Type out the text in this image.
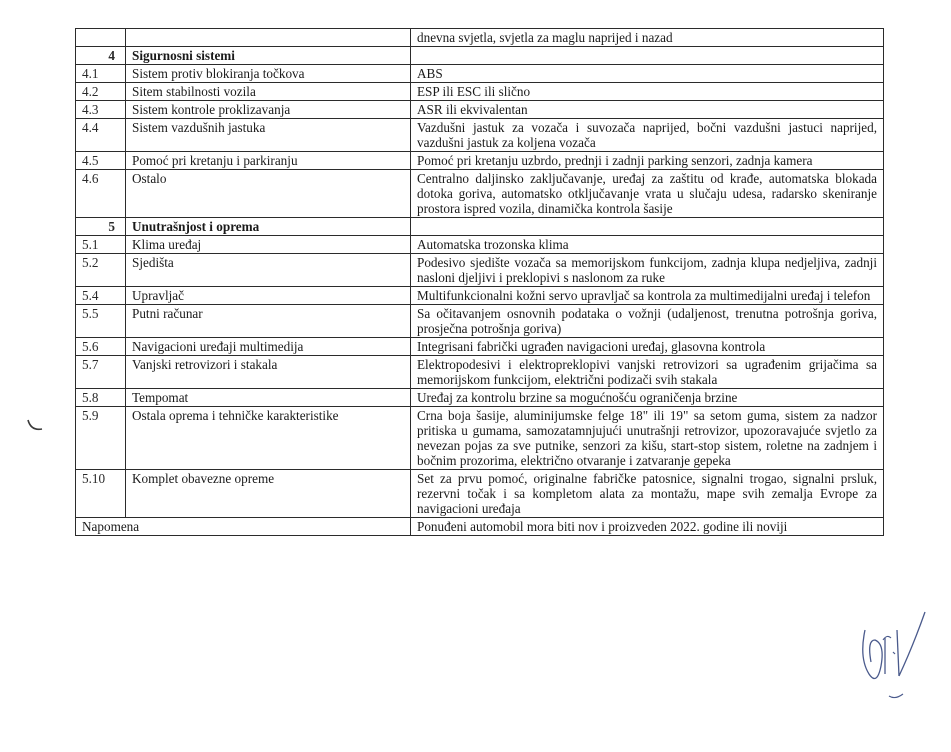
		dnevna svjetla, svjetla za maglu naprijed i nazad
4	Sigurnosni sistemi	
4.1	Sistem protiv blokiranja točkova	ABS
4.2	Sitem stabilnosti vozila	ESP ili ESC ili slično
4.3	Sistem kontrole proklizavanja	ASR ili ekvivalentan
4.4	Sistem vazdušnih jastuka	Vazdušni jastuk za vozača i suvozača naprijed, bočni vazdušni jastuci naprijed, vazdušni jastuk za koljena vozača
4.5	Pomoć pri kretanju i parkiranju	Pomoć pri kretanju uzbrdo, prednji i zadnji parking senzori, zadnja kamera
4.6	Ostalo	Centralno daljinsko zaključavanje, uređaj za zaštitu od krađe, automatska blokada dotoka goriva, automatsko otključavanje vrata u slučaju udesa, radarsko skeniranje prostora ispred vozila, dinamička kontrola šasije
5	Unutrašnjost i oprema	
5.1	Klima uređaj	Automatska trozonska klima
5.2	Sjedišta	Podesivo sjedište vozača sa memorijskom funkcijom, zadnja klupa nedjeljiva, zadnji nasloni djeljivi i preklopivi s naslonom za ruke
5.4	Upravljač	Multifunkcionalni kožni servo upravljač sa kontrola za multimedijalni uređaj i telefon
5.5	Putni računar	Sa očitavanjem osnovnih podataka o vožnji (udaljenost, trenutna potrošnja goriva, prosječna potrošnja goriva)
5.6	Navigacioni uređaji multimedija	Integrisani fabrički ugrađen navigacioni uređaj, glasovna kontrola
5.7	Vanjski retrovizori i stakala	Elektropodesivi i elektropreklopivi vanjski retrovizori sa ugrađenim grijačima sa memorijskom funkcijom, električni podizači svih stakala
5.8	Tempomat	Uređaj za kontrolu brzine sa mogućnošću ograničenja brzine
5.9	Ostala oprema i tehničke karakteristike	Crna boja šasije, aluminijumske felge 18" ili 19" sa setom guma, sistem za nadzor pritiska u gumama, samozatamnjujući unutrašnji retrovizor, upozoravajuće svjetlo za nevezan pojas za sve putnike, senzori za kišu, start-stop sistem, roletne na zadnjem i bočnim prozorima, električno otvaranje i zatvaranje gepeka
5.10	Komplet obavezne opreme	Set za prvu pomoć, originalne fabričke patosnice, signalni trogao, signalni prsluk, rezervni točak i sa kompletom alata za montažu, mape svih zemalja Evrope za navigacioni uređaja
Napomena		Ponuđeni automobil mora biti nov i proizveden 2022. godine ili noviji
